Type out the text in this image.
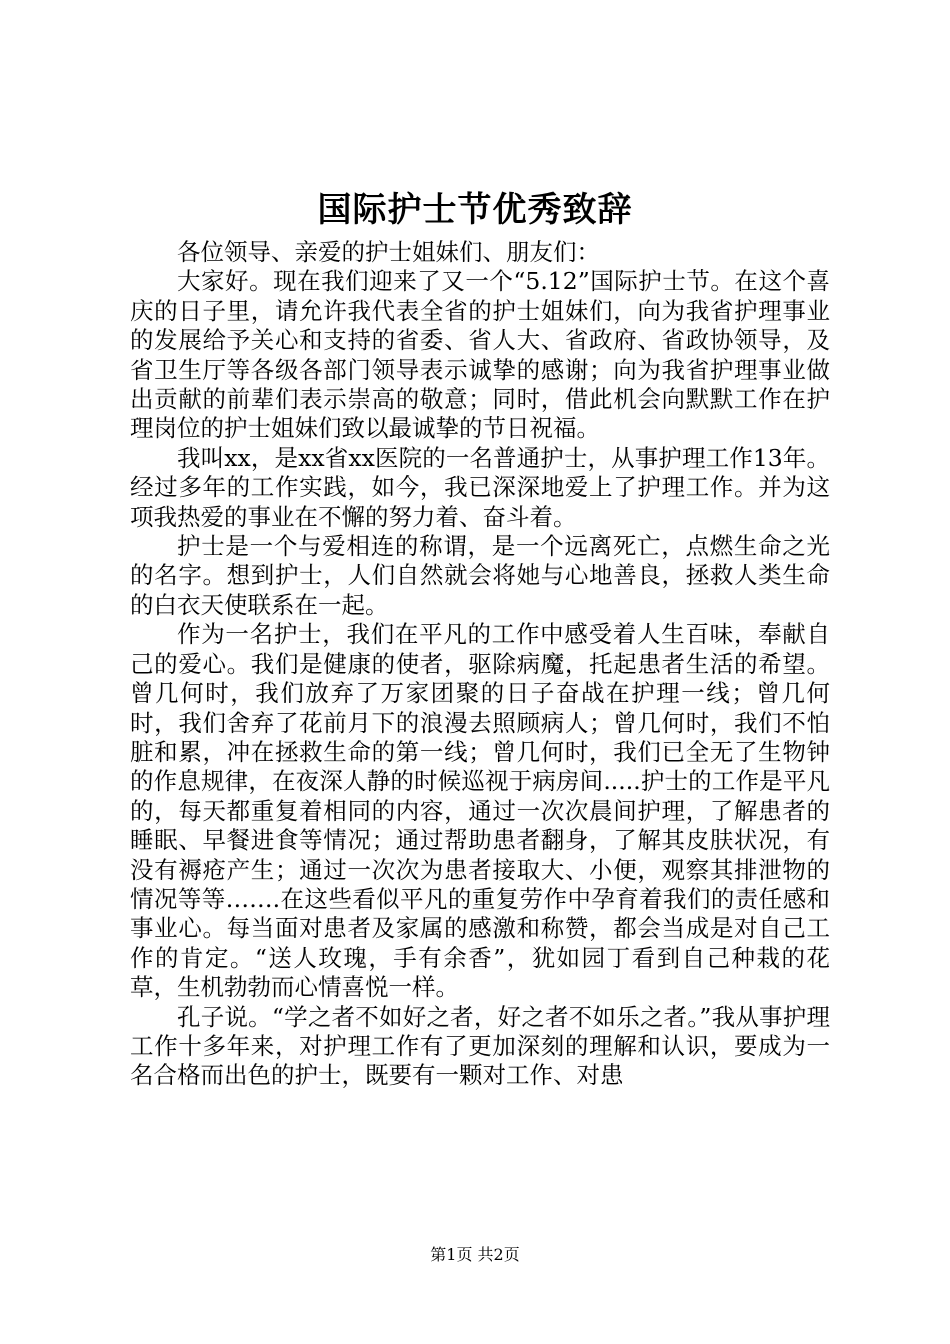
国际护士节优秀致辞

各位领导、亲爱的护士姐妹们、朋友们：

大家好。现在我们迎来了又一个“5.12”国际护士节。在这个喜庆的日子里，请允许我代表全省的护士姐妹们，向为我省护理事业的发展给予关心和支持的省委、省人大、省政府、省政协领导，及省卫生厅等各级各部门领导表示诚挚的感谢；向为我省护理事业做出贡献的前辈们表示崇高的敬意；同时，借此机会向默默工作在护理岗位的护士姐妹们致以最诚挚的节日祝福。

我叫xx，是xx省xx医院的一名普通护士，从事护理工作13年。经过多年的工作实践，如今，我已深深地爱上了护理工作。并为这项我热爱的事业在不懈的努力着、奋斗着。

护士是一个与爱相连的称谓，是一个远离死亡，点燃生命之光的名字。想到护士，人们自然就会将她与心地善良，拯救人类生命的白衣天使联系在一起。

作为一名护士，我们在平凡的工作中感受着人生百味，奉献自己的爱心。我们是健康的使者，驱除病魔，托起患者生活的希望。曾几何时，我们放弃了万家团聚的日子奋战在护理一线；曾几何时，我们舍弃了花前月下的浪漫去照顾病人；曾几何时，我们不怕脏和累，冲在拯救生命的第一线；曾几何时，我们已全无了生物钟的作息规律，在夜深人静的时候巡视于病房间.....护士的工作是平凡的，每天都重复着相同的内容，通过一次次晨间护理，了解患者的睡眠、早餐进食等情况；通过帮助患者翻身，了解其皮肤状况，有没有褥疮产生；通过一次次为患者接取大、小便，观察其排泄物的情况等等…….在这些看似平凡的重复劳作中孕育着我们的责任感和事业心。每当面对患者及家属的感激和称赞，都会当成是对自己工作的肯定。“送人玫瑰，手有余香”，犹如园丁看到自己种栽的花草，生机勃勃而心情喜悦一样。

孔子说。“学之者不如好之者，好之者不如乐之者。”我从事护理工作十多年来，对护理工作有了更加深刻的理解和认识，要成为一名合格而出色的护士，既要有一颗对工作、对患

第1页 共2页
